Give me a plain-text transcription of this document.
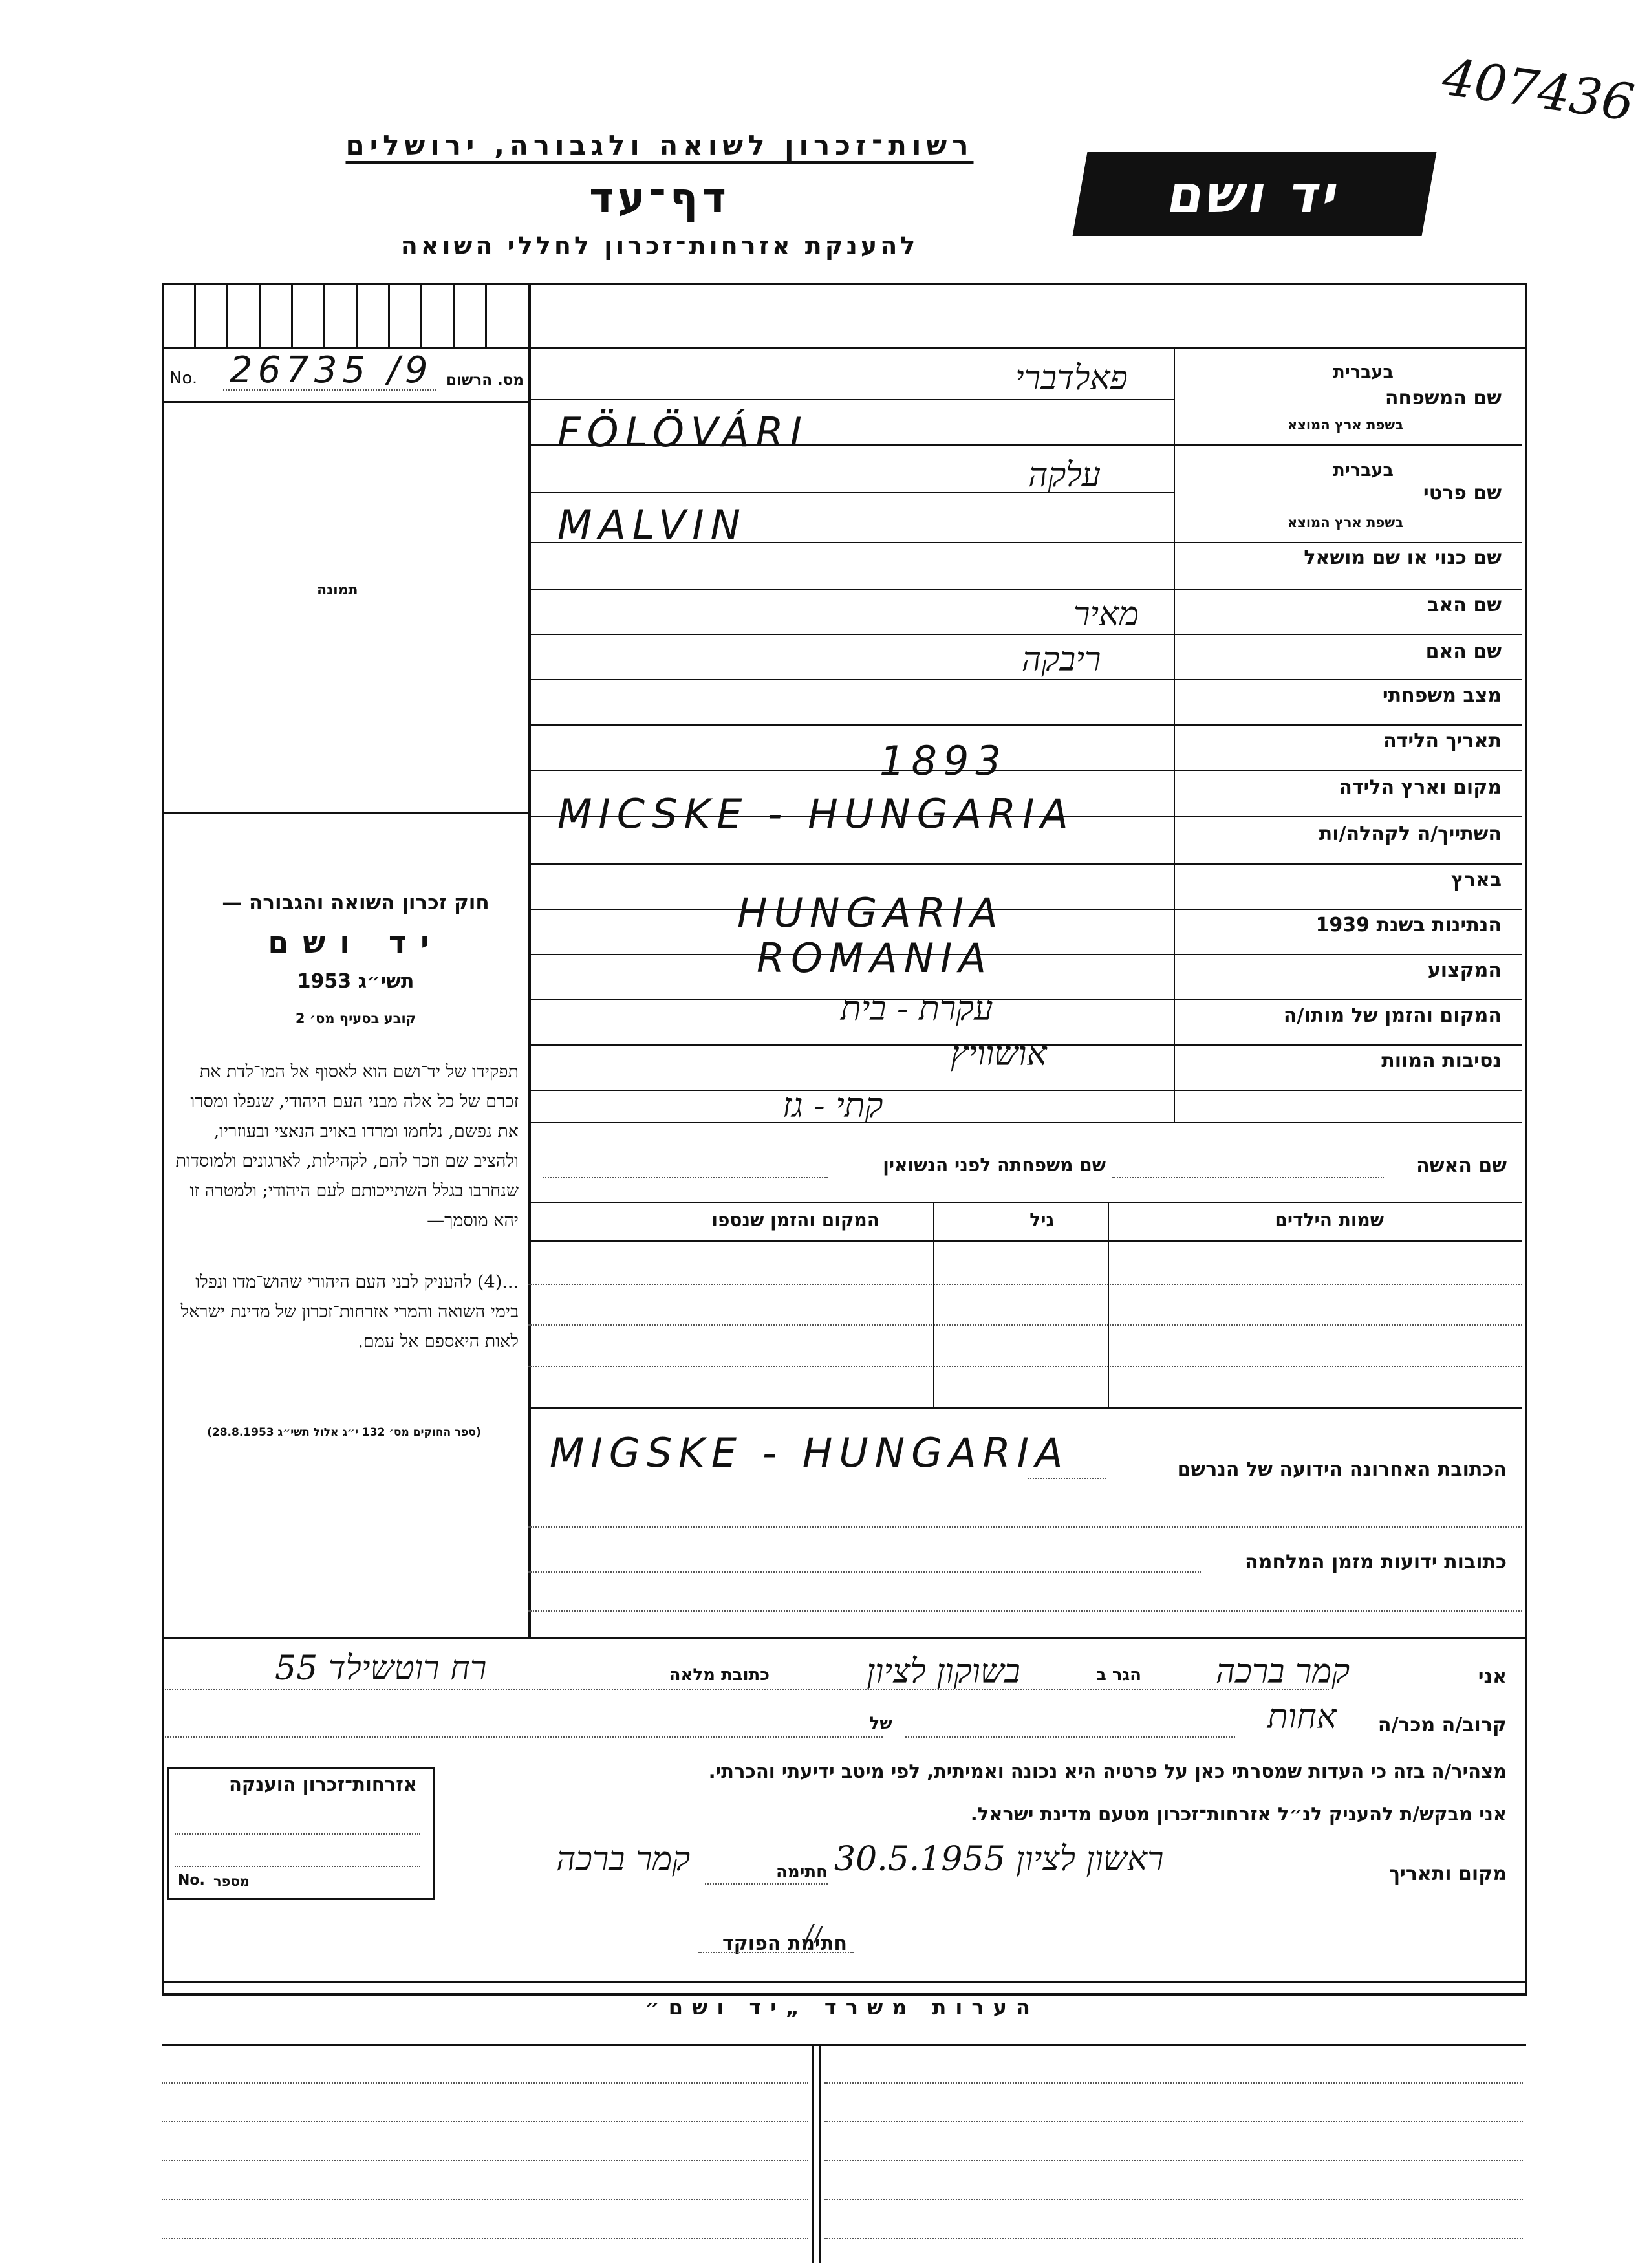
407436
רשות־זכרון לשואה ולגבורה, ירושלים
דף־עד
להענקת אזרחות־זכרון לחללי השואה
יד ושם
No. 26735 /9 מס. הרשום
תמונה
חוק זכרון השואה והגבורה —
יד ושם
תשי״ג 1953
קובע בסעיף מס׳ 2
תפקידו של יד־ושם הוא לאסוף אל המו־לדת את זכרם של כל אלה מבני העם היהודי, שנפלו ומסרו את נפשם, נלחמו ומרדו באויב הנאצי ובעוזריו, ולהציב שם וזכר להם, לקהילות, לארגונים ולמוסדות שנחרבו בגלל השתייכותם לעם היהודי; ולמטרה זו יהא מוסמך—
...(4) להעניק לבני העם היהודי שהוש־מדו ונפלו בימי השואה והמרי אזרחות־זכרון של מדינת ישראל לאות היאספם אל עמם.
(ספר החוקים מס׳ 132 י״ג אלול תשי״ג 28.8.1953)
שם המשפחה
בעברית
בשפת ארץ המוצא
שם פרטי
בעברית
בשפת ארץ המוצא
שם כנוי או שם מושאל
שם האב
שם האם
מצב משפחתי
תאריך הלידה
מקום וארץ הלידה
השתייך/ה לקהלה/ות
בארץ
הנתינות בשנת 1939
המקצוע
המקום והזמן של מותו/ה
נסיבות המוות
פאלדברי
FÖLÖVÁRI
עלקה
MALVIN
מאיר
ריבקה
1893
MICSKE - HUNGARIA
HUNGARIA
ROMANIA
עקרת - בית
אושוויץ
קתי - גז
שם האשה
שם משפחתה לפני הנשואין
שמות הילדים
גיל
המקום והזמן שנספו
MIGSKE - HUNGARIA	הכתובת האחרונה הידועה של הנרשם
כתובות ידועות מזמן המלחמה
אני
קמר ברכה
הגר ב
בשוקון לציון
כתובת מלאה
רח רוטשילד 55
קרוב/ה מכר/ה
אחות
של
מצהיר/ה בזה כי העדות שמסרתי כאן על פרטיה היא נכונה ואמיתית, לפי מיטב ידיעתי והכרתי.
אני מבקש/ת להעניק לנ״ל אזרחות־זכרון מטעם מדינת ישראל.
מקום ותאריך
ראשון לציון 30.5.1955
חתימה
קמר ברכה
חתימת הפוקד
אזרחות־זכרון הוענקה
No. מספר
הערות משרד „יד ושם״
